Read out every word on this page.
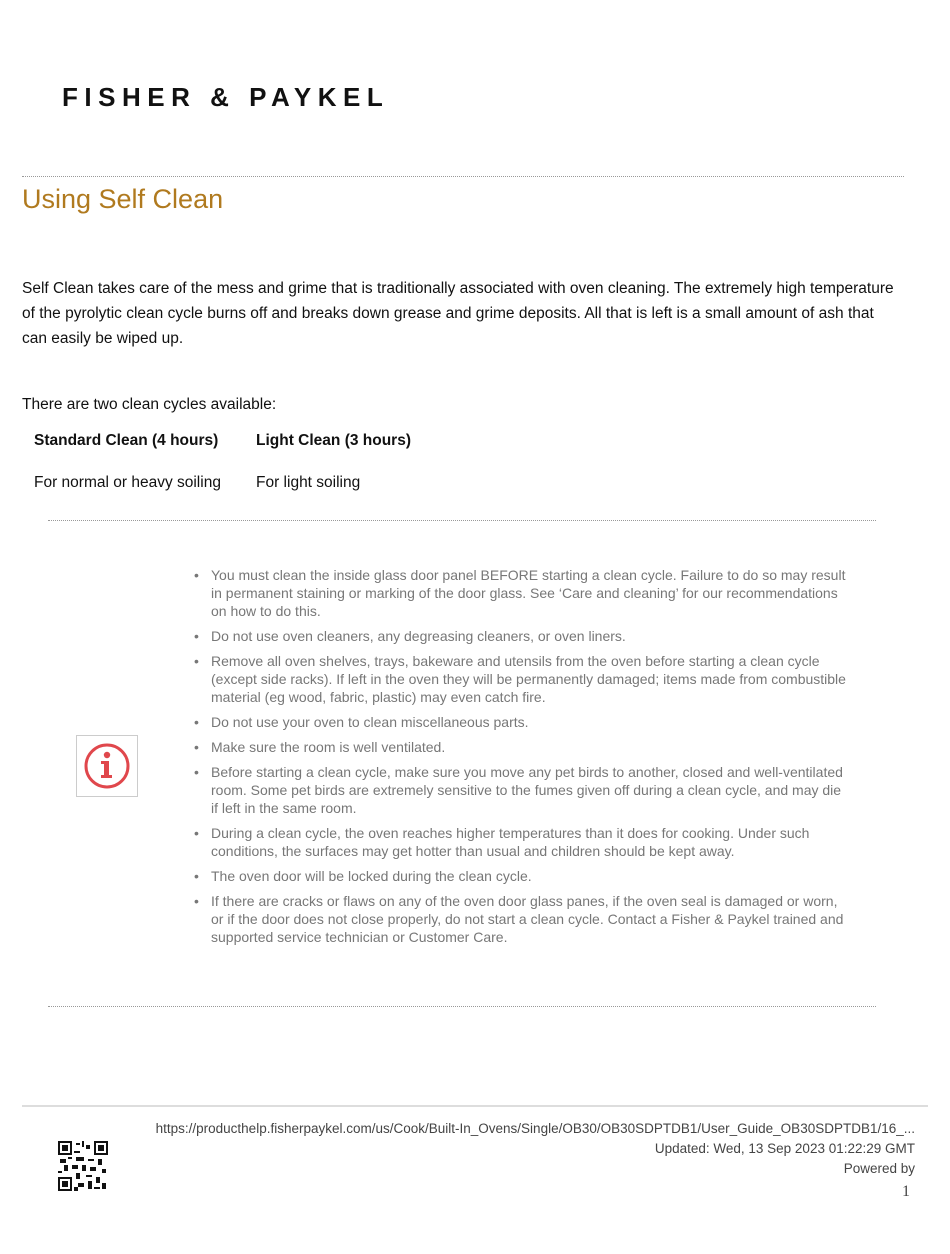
FISHER & PAYKEL
Using Self Clean
Self Clean takes care of the mess and grime that is traditionally associated with oven cleaning. The extremely high temperature of the pyrolytic clean cycle burns off and breaks down grease and grime deposits. All that is left is a small amount of ash that can easily be wiped up.
There are two clean cycles available:
Standard Clean (4 hours) Light Clean (3 hours)
For normal or heavy soiling For light soiling
• You must clean the inside glass door panel BEFORE starting a clean cycle. Failure to do so may result in permanent staining or marking of the door glass. See ‘Care and cleaning’ for our recommendations on how to do this.
• Do not use oven cleaners, any degreasing cleaners, or oven liners.
• Remove all oven shelves, trays, bakeware and utensils from the oven before starting a clean cycle (except side racks). If left in the oven they will be permanently damaged; items made from combustible material (eg wood, fabric, plastic) may even catch fire.
• Do not use your oven to clean miscellaneous parts.
• Make sure the room is well ventilated.
• Before starting a clean cycle, make sure you move any pet birds to another, closed and well-ventilated room. Some pet birds are extremely sensitive to the fumes given off during a clean cycle, and may die if left in the same room.
• During a clean cycle, the oven reaches higher temperatures than it does for cooking. Under such conditions, the surfaces may get hotter than usual and children should be kept away.
• The oven door will be locked during the clean cycle.
• If there are cracks or flaws on any of the oven door glass panes, if the oven seal is damaged or worn, or if the door does not close properly, do not start a clean cycle. Contact a Fisher & Paykel trained and supported service technician or Customer Care.
https://producthelp.fisherpaykel.com/us/Cook/Built-In_Ovens/Single/OB30/OB30SDPTDB1/User_Guide_OB30SDPTDB1/16_...
Updated: Wed, 13 Sep 2023 01:22:29 GMT
Powered by
1
